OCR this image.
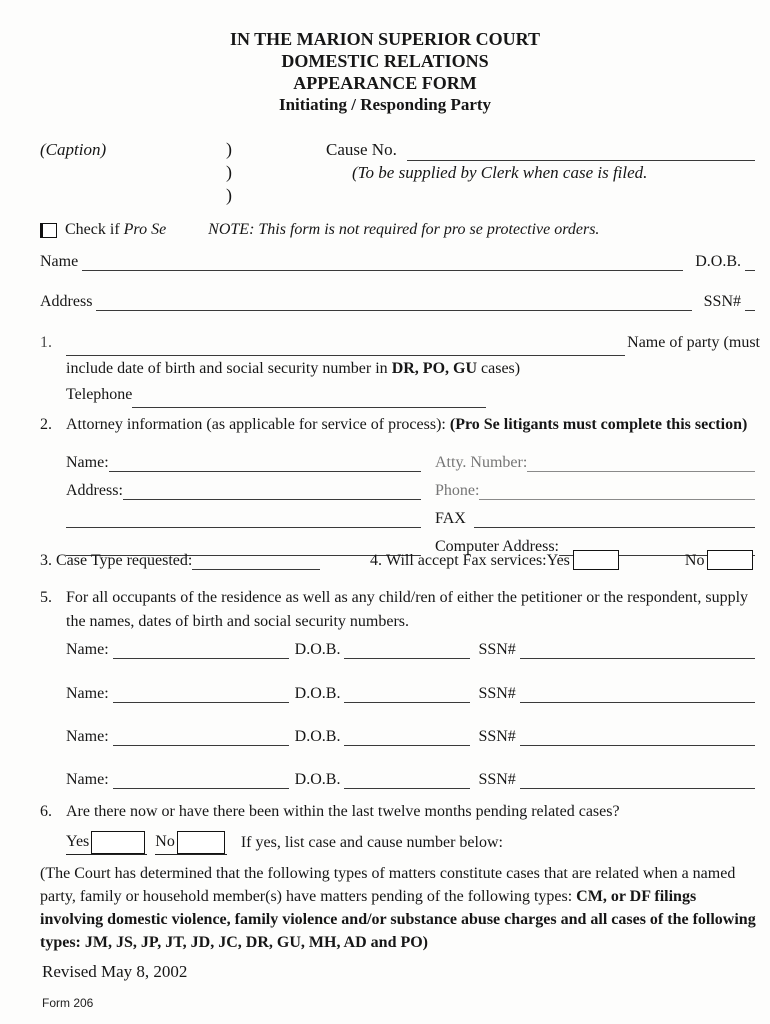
IN THE MARION SUPERIOR COURT
DOMESTIC RELATIONS
APPEARANCE FORM
Initiating / Responding Party
(Caption)	)	Cause No.
)	(To be supplied by Clerk when case is filed.
)
Check if Pro Se	NOTE: This form is not required for pro se protective orders.
Name	D.O.B.
Address	SSN#
1.	Name of party (must
include date of birth and social security number in DR, PO, GU cases)
Telephone
2. Attorney information (as applicable for service of process): (Pro Se litigants must complete this section)
Name:	Atty. Number:
Address:	Phone:
FAX
Computer Address:
3. Case Type requested:	4. Will accept Fax services: Yes	No
5. For all occupants of the residence as well as any child/ren of either the petitioner or the respondent, supply the names, dates of birth and social security numbers.
Name:	D.O.B.	SSN#
Name:	D.O.B.	SSN#
Name:	D.O.B.	SSN#
Name:	D.O.B.	SSN#
6. Are there now or have there been within the last twelve months pending related cases?
Yes	No	If yes, list case and cause number below:
(The Court has determined that the following types of matters constitute cases that are related when a named party, family or household member(s) have matters pending of the following types: CM, or DF filings involving domestic violence, family violence and/or substance abuse charges and all cases of the following types: JM, JS, JP, JT, JD, JC, DR, GU, MH, AD and PO)
Revised May 8, 2002
Form 206
